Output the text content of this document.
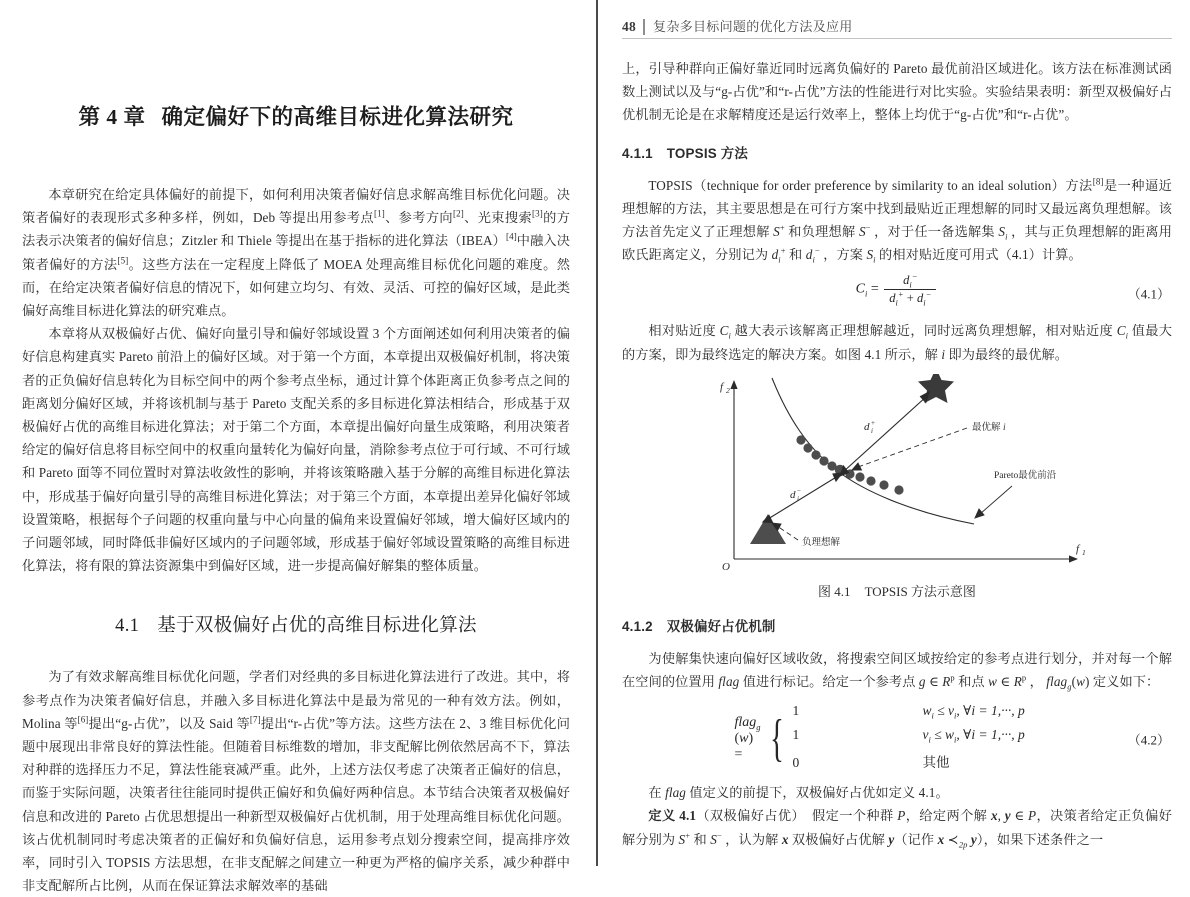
第 4 章 确定偏好下的高维目标进化算法研究

本章研究在给定具体偏好的前提下，如何利用决策者偏好信息求解高维目标优化问题。决策者偏好的表现形式多种多样，例如，Deb 等提出用参考点[1]、参考方向[2]、光束搜索[3]的方法表示决策者的偏好信息；Zitzler 和 Thiele 等提出在基于指标的进化算法（IBEA）[4]中融入决策者偏好的方法[5]。这些方法在一定程度上降低了 MOEA 处理高维目标优化问题的难度。然而，在给定决策者偏好信息的情况下，如何建立均匀、有效、灵活、可控的偏好区域，是此类偏好高维目标进化算法的研究难点。

本章将从双极偏好占优、偏好向量引导和偏好邻域设置 3 个方面阐述如何利用决策者的偏好信息构建真实 Pareto 前沿上的偏好区域。对于第一个方面，本章提出双极偏好机制，将决策者的正负偏好信息转化为目标空间中的两个参考点坐标，通过计算个体距离正负参考点之间的距离划分偏好区域，并将该机制与基于 Pareto 支配关系的多目标进化算法相结合，形成基于双极偏好占优的高维目标进化算法；对于第二个方面，本章提出偏好向量生成策略，利用决策者给定的偏好信息将目标空间中的权重向量转化为偏好向量，消除参考点位于可行域、不可行域和 Pareto 面等不同位置时对算法收敛性的影响，并将该策略融入基于分解的高维目标进化算法中，形成基于偏好向量引导的高维目标进化算法；对于第三个方面，本章提出差异化偏好邻域设置策略，根据每个子问题的权重向量与中心向量的偏角来设置偏好邻域，增大偏好区域内的子问题邻域，同时降低非偏好区域内的子问题邻域，形成基于偏好邻域设置策略的高维目标进化算法，将有限的算法资源集中到偏好区域，进一步提高偏好解集的整体质量。

4.1 基于双极偏好占优的高维目标进化算法

为了有效求解高维目标优化问题，学者们对经典的多目标进化算法进行了改进。其中，将参考点作为决策者偏好信息，并融入多目标进化算法中是最为常见的一种有效方法。例如，Molina 等[6]提出“g-占优”，以及 Said 等[7]提出“r-占优”等方法。这些方法在 2、3 维目标优化问题中展现出非常良好的算法性能。但随着目标维数的增加，非支配解比例依然居高不下，算法对种群的选择压力不足，算法性能衰减严重。此外，上述方法仅考虑了决策者正偏好的信息，而鉴于实际问题，决策者往往能同时提供正偏好和负偏好两种信息。本节结合决策者双极偏好信息和改进的 Pareto 占优思想提出一种新型双极偏好占优机制，用于处理高维目标优化问题。该占优机制同时考虑决策者的正偏好和负偏好信息，运用参考点划分搜索空间，提高排序效率，同时引入 TOPSIS 方法思想，在非支配解之间建立一种更为严格的偏序关系，减少种群中非支配解所占比例，从而在保证算法求解效率的基础

48 复杂多目标问题的优化方法及应用

上，引导种群向正偏好靠近同时远离负偏好的 Pareto 最优前沿区域进化。该方法在标准测试函数上测试以及与“g-占优”和“r-占优”方法的性能进行对比实验。实验结果表明：新型双极偏好占优机制无论是在求解精度还是运行效率上，整体上均优于“g-占优”和“r-占优”。

4.1.1 TOPSIS 方法

TOPSIS（technique for order preference by similarity to an ideal solution）方法[8]是一种逼近理想解的方法，其主要思想是在可行方案中找到最贴近正理想解的同时又最远离负理想解。该方法首先定义了正理想解 S+ 和负理想解 S− ，对于任一备选解集 $S_i$ ，其与正负理想解的距离用欧氏距离定义，分别记为 $d_i^+$ 和 $d_i^-$ ，方案 $S_i$ 的相对贴近度可用式（4.1）计算。

$C_i = \frac{d_i^-}{d_i^+ + d_i^-}$	（4.1）

相对贴近度 $C_i$ 越大表示该解离正理想解越近，同时远离负理想解，相对贴近度 $C_i$ 值最大的方案，即为最终选定的解决方案。如图 4.1 所示，解 i 即为最终的最优解。

f 2
f 1
O
d i
+
d i
−
最优解 i
Pareto最优前沿
负理想解
图 4.1 TOPSIS 方法示意图
4.1.2 双极偏好占优机制

为使解集快速向偏好区域收敛，将搜索空间区域按给定的参考点进行划分，并对每一个解在空间的位置用 flag 值进行标记。给定一个参考点 g ∈ $R^p$ 和点 w ∈ $R^p$ ， flag$_g$(w) 定义如下：

flag$_g$ (w) = { 1	$w_i \le v_i$, ∀i = 1,···, p
1	$v_i \le w_i$, ∀i = 1,···, p
0	其他
（4.2）

在 flag 值定义的前提下，双极偏好占优如定义 4.1。

定义 4.1（双极偏好占优）　假定一个种群 P，给定两个解 x, y ∈ P，决策者给定正负偏好解分别为 S+ 和 S− ，认为解 x 双极偏好占优解 y（记作 x $≺_{2p}$ y），如果下述条件之一
